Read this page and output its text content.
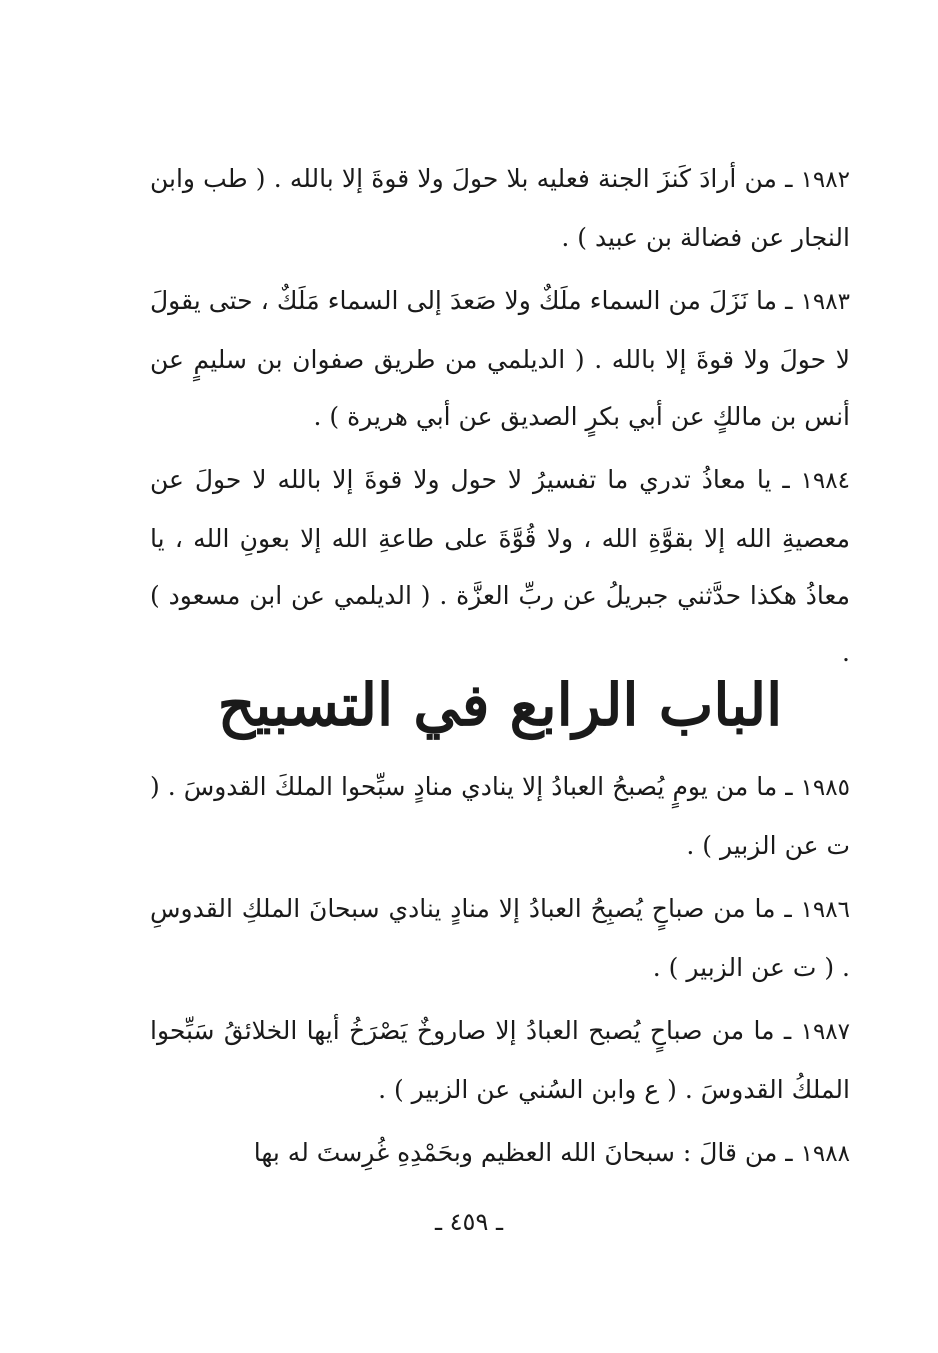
١٩٨٢ ـ من أرادَ كَنزَ الجنة فعليه بلا حولَ ولا قوةَ إلا بالله . ( طب وابن النجار عن فضالة بن عبيد ) .

١٩٨٣ ـ ما نَزَلَ من السماء ملَكٌ ولا صَعدَ إلى السماء مَلَكٌ ، حتى يقولَ لا حولَ ولا قوةَ إلا بالله . ( الديلمي من طريق صفوان بن سليمٍ عن أنس بن مالكٍ عن أبي بكرٍ الصديق عن أبي هريرة ) .

١٩٨٤ ـ يا معاذُ تدري ما تفسيرُ لا حول ولا قوةَ إلا بالله لا حولَ عن معصيةِ الله إلا بقوَّةِ الله ، ولا قُوَّةَ على طاعةِ الله إلا بعونِ الله ، يا معاذُ هكذا حدَّثني جبريلُ عن ربِّ العزَّة . ( الديلمي عن ابن مسعود ) .

الباب الرابع في التسبيح

١٩٨٥ ـ ما من يومٍ يُصبحُ العبادُ إلا ينادي منادٍ سبِّحوا الملكَ القدوسَ . ( ت عن الزبير ) .

١٩٨٦ ـ ما من صباحٍ يُصبِحُ العبادُ إلا منادٍ ينادي سبحانَ الملكِ القدوسِ . ( ت عن الزبير ) .

١٩٨٧ ـ ما من صباحٍ يُصبح العبادُ إلا صاروخٌ يَصْرَخُ أيها الخلائقُ سَبِّحوا الملكُ القدوسَ . ( ع وابن السُني عن الزبير ) .

١٩٨٨ ـ من قالَ : سبحانَ الله العظيم وبحَمْدِهِ غُرِستَ له بها

ـ ٤٥٩ ـ
